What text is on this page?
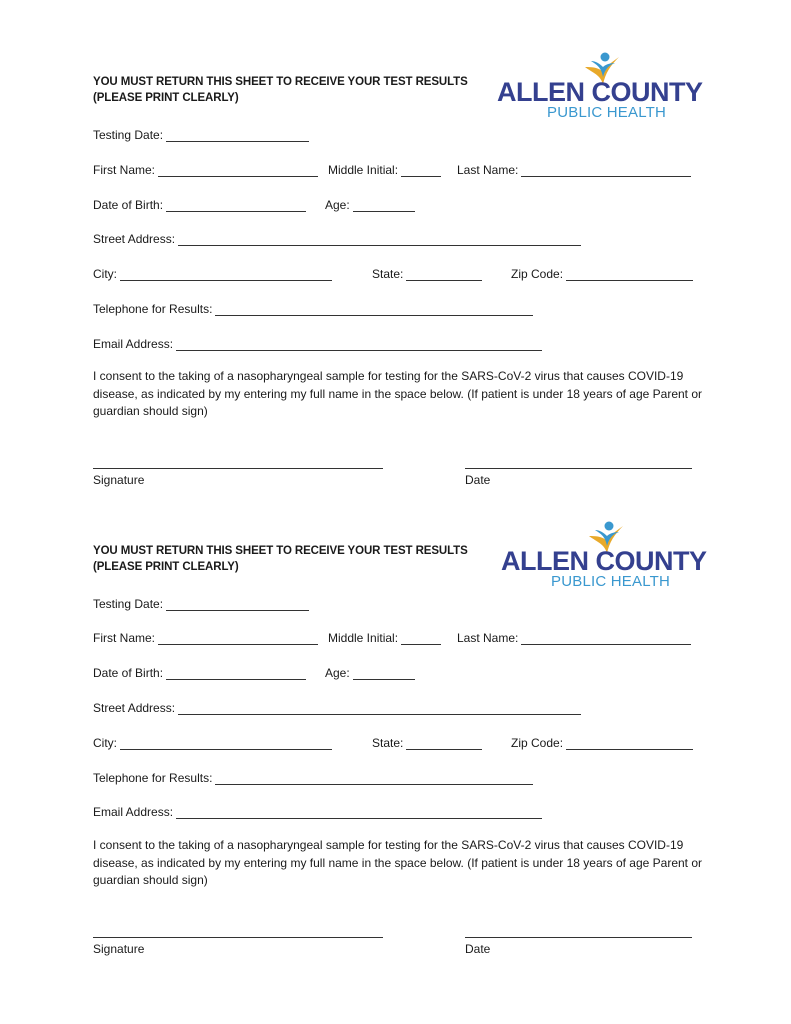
YOU MUST RETURN THIS SHEET TO RECEIVE YOUR TEST RESULTS
(PLEASE PRINT CLEARLY)	ALLEN COUNTY
PUBLIC HEALTH
Testing Date:
First Name:	Middle Initial:	Last Name:
Date of Birth:	Age:
Street Address:
City:	State:	Zip Code:
Telephone for Results:
Email Address:
I consent to the taking of a nasopharyngeal sample for testing for the SARS-CoV-2 virus that causes COVID-19 disease, as indicated by my entering my full name in the space below. (If patient is under 18 years of age Parent or guardian should sign)
Signature	Date
YOU MUST RETURN THIS SHEET TO RECEIVE YOUR TEST RESULTS
(PLEASE PRINT CLEARLY)	ALLEN COUNTY
PUBLIC HEALTH
Testing Date:
First Name:	Middle Initial:	Last Name:
Date of Birth:	Age:
Street Address:
City:	State:	Zip Code:
Telephone for Results:
Email Address:
I consent to the taking of a nasopharyngeal sample for testing for the SARS-CoV-2 virus that causes COVID-19 disease, as indicated by my entering my full name in the space below. (If patient is under 18 years of age Parent or guardian should sign)
Signature	Date
